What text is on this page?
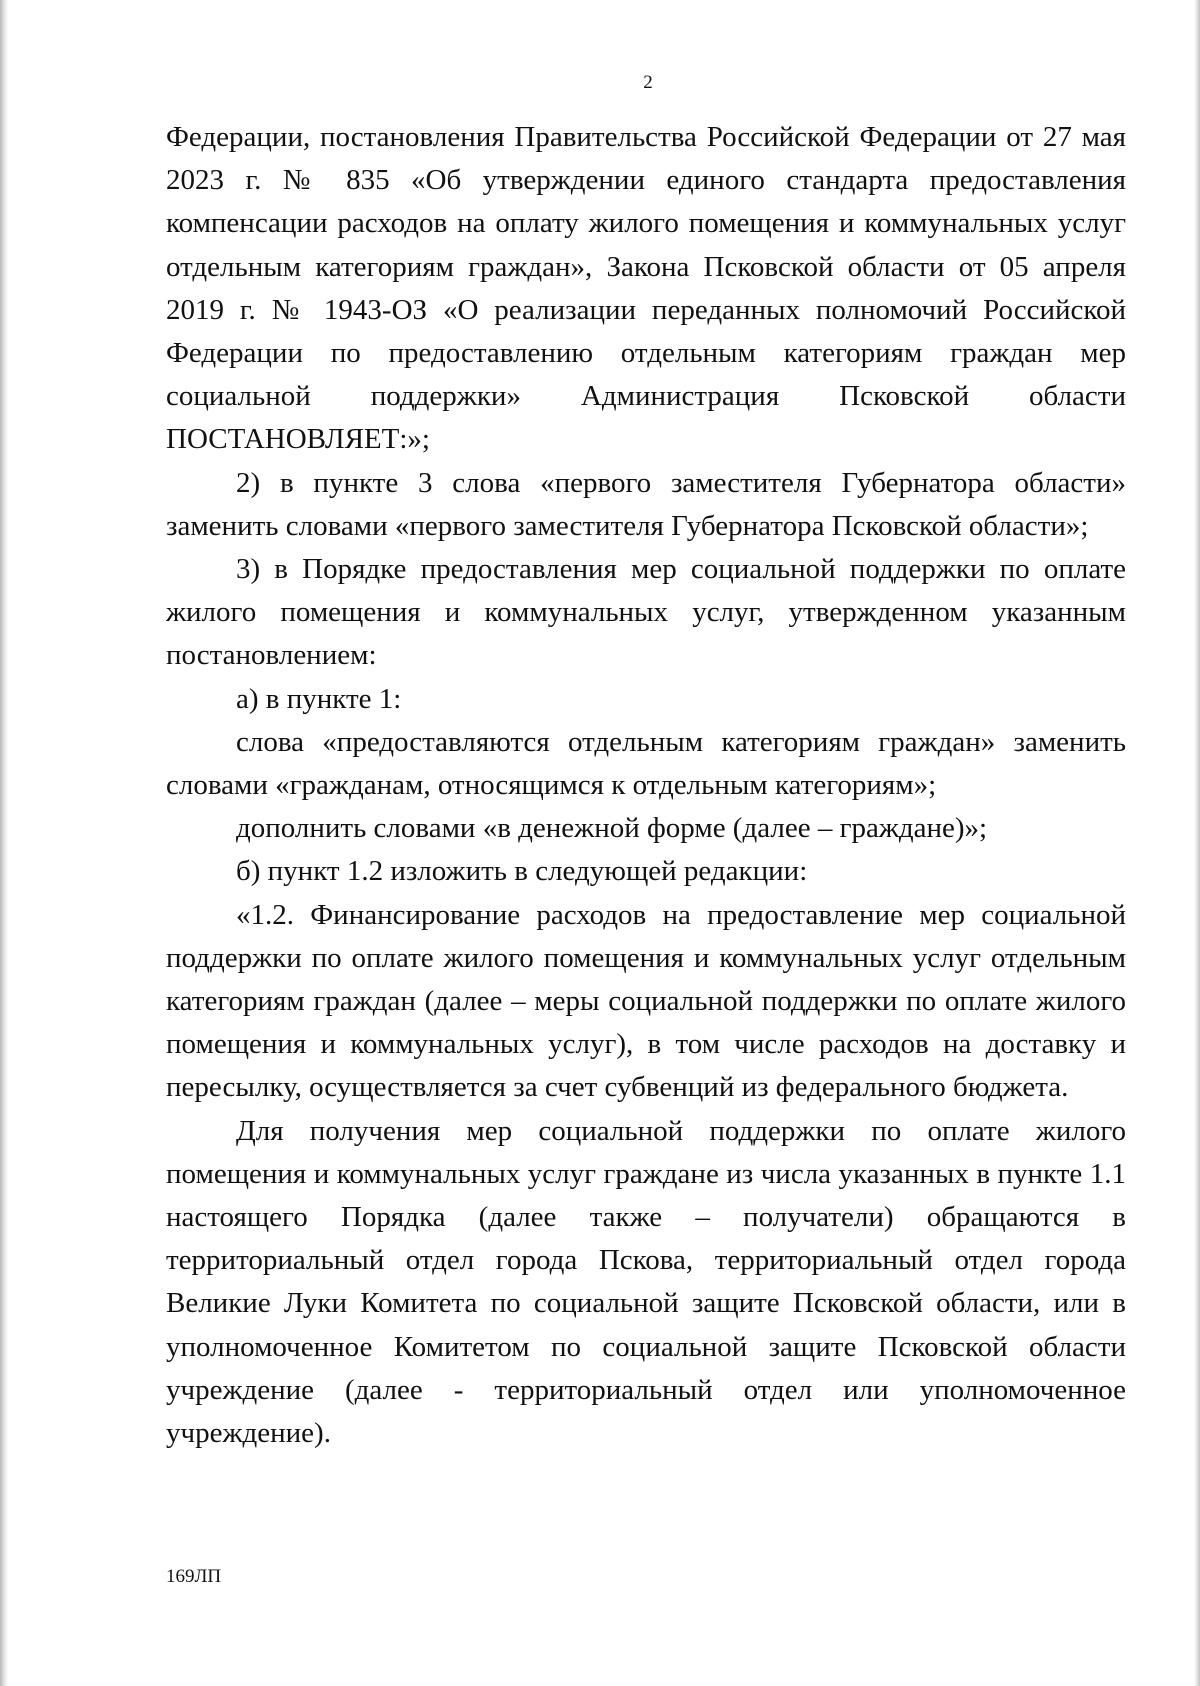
2

Федерации, постановления Правительства Российской Федерации от 27 мая 2023 г. № 835 «Об утверждении единого стандарта предоставления компенсации расходов на оплату жилого помещения и коммунальных услуг отдельным категориям граждан», Закона Псковской области от 05 апреля 2019 г. № 1943-ОЗ «О реализации переданных полномочий Российской Федерации по предоставлению отдельным категориям граждан мер социальной поддержки» Администрация Псковской области ПОСТАНОВЛЯЕТ:»;

2) в пункте 3 слова «первого заместителя Губернатора области» заменить словами «первого заместителя Губернатора Псковской области»;

3) в Порядке предоставления мер социальной поддержки по оплате жилого помещения и коммунальных услуг, утвержденном указанным постановлением:

а) в пункте 1:

слова «предоставляются отдельным категориям граждан» заменить словами «гражданам, относящимся к отдельным категориям»;

дополнить словами «в денежной форме (далее – граждане)»;

б) пункт 1.2 изложить в следующей редакции:

«1.2. Финансирование расходов на предоставление мер социальной поддержки по оплате жилого помещения и коммунальных услуг отдельным категориям граждан (далее – меры социальной поддержки по оплате жилого помещения и коммунальных услуг), в том числе расходов на доставку и пересылку, осуществляется за счет субвенций из федерального бюджета.

Для получения мер социальной поддержки по оплате жилого помещения и коммунальных услуг граждане из числа указанных в пункте 1.1 настоящего Порядка (далее также – получатели) обращаются в территориальный отдел города Пскова, территориальный отдел города Великие Луки Комитета по социальной защите Псковской области, или в уполномоченное Комитетом по социальной защите Псковской области учреждение (далее - территориальный отдел или уполномоченное учреждение).

169ЛП
